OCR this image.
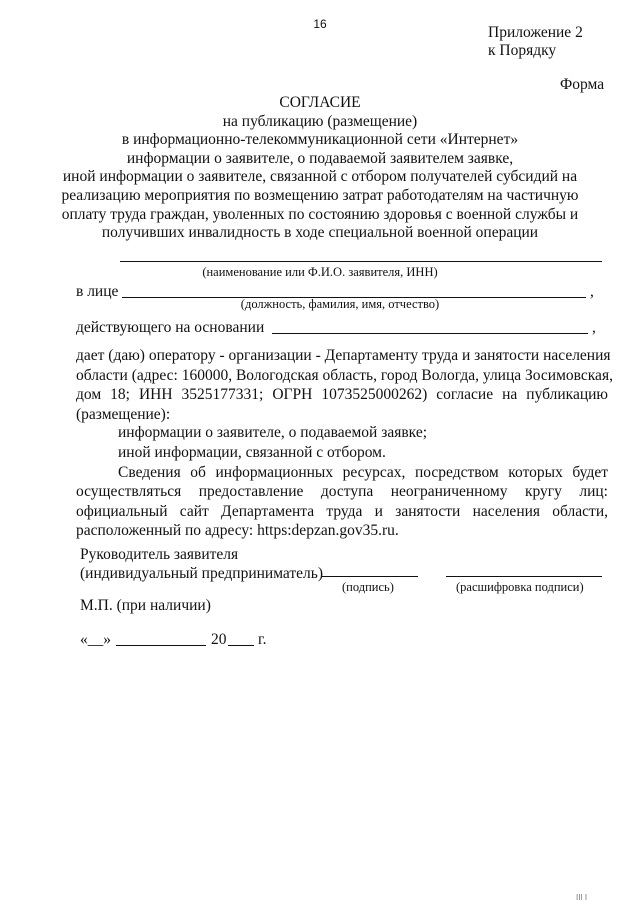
16	Приложение 2
к Порядку
Форма
СОГЛАСИЕ
на публикацию (размещение)
в информационно-телекоммуникационной сети «Интернет»
информации о заявителе, о подаваемой заявителем заявке,
иной информации о заявителе, связанной с отбором получателей субсидий на
реализацию мероприятия по возмещению затрат работодателям на частичную
оплату труда граждан, уволенных по состоянию здоровья с военной службы и
получивших инвалидность в ходе специальной военной операции
(наименование или Ф.И.О. заявителя, ИНН)
в лице	,
(должность, фамилия, имя, отчество)
действующего на основании	,
дает (даю) оператору - организации - Департаменту труда и занятости населения
области (адрес: 160000, Вологодская область, город Вологда, улица Зосимовская,
дом 18; ИНН 3525177331; ОГРН 1073525000262) согласие на публикацию
(размещение):
информации о заявителе, о подаваемой заявке;
иной информации, связанной с отбором.
Сведения об информационных ресурсах, посредством которых будет
осуществляться предоставление доступа неограниченному кругу лиц:
официальный сайт Департамента труда и занятости населения области,
расположенный по адресу: https:depzan.gov35.ru.
Руководитель заявителя
(индивидуальный предприниматель)
(подпись)	(расшифровка подписи)
М.П. (при наличии)
«__»	20 г.
ІІІ І
